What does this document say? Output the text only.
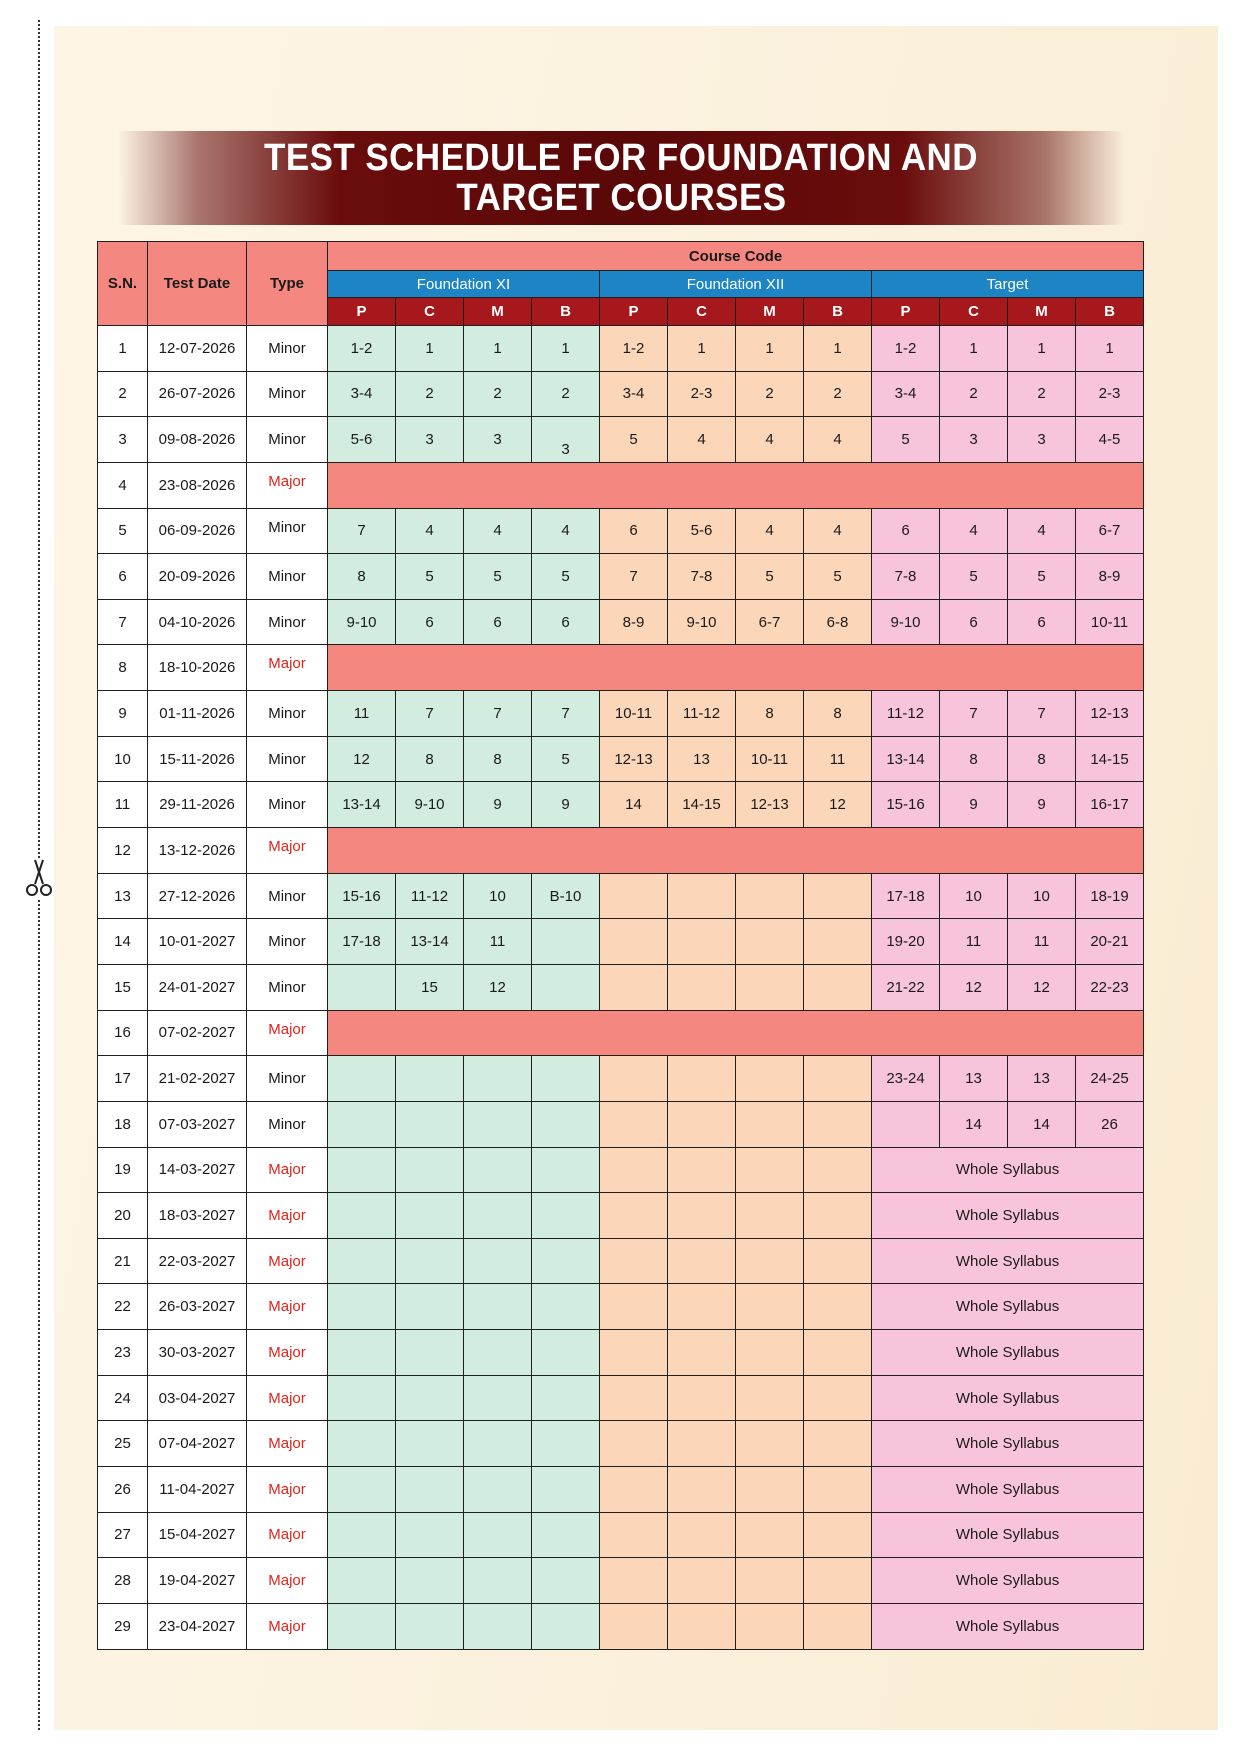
TEST SCHEDULE FOR FOUNDATION AND
TARGET COURSES
S.N.	Test Date	Type	Course Code											
			Foundation XI				Foundation XII				Target			
			P	C	M	B	P	C	M	B	P	C	M	B
1	12-07-2026	Minor	1-2	1	1	1	1-2	1	1	1	1-2	1	1	1
2	26-07-2026	Minor	3-4	2	2	2	3-4	2-3	2	2	3-4	2	2	2-3
3	09-08-2026	Minor	5-6	3	3	3	5	4	4	4	5	3	3	4-5
4	23-08-2026	Major												
5	06-09-2026	Minor	7	4	4	4	6	5-6	4	4	6	4	4	6-7
6	20-09-2026	Minor	8	5	5	5	7	7-8	5	5	7-8	5	5	8-9
7	04-10-2026	Minor	9-10	6	6	6	8-9	9-10	6-7	6-8	9-10	6	6	10-11
8	18-10-2026	Major												
9	01-11-2026	Minor	11	7	7	7	10-11	11-12	8	8	11-12	7	7	12-13
10	15-11-2026	Minor	12	8	8	5	12-13	13	10-11	11	13-14	8	8	14-15
11	29-11-2026	Minor	13-14	9-10	9	9	14	14-15	12-13	12	15-16	9	9	16-17
12	13-12-2026	Major												
13	27-12-2026	Minor	15-16	11-12	10	B-10					17-18	10	10	18-19
14	10-01-2027	Minor	17-18	13-14	11						19-20	11	11	20-21
15	24-01-2027	Minor		15	12						21-22	12	12	22-23
16	07-02-2027	Major												
17	21-02-2027	Minor									23-24	13	13	24-25
18	07-03-2027	Minor										14	14	26
19	14-03-2027	Major									Whole Syllabus			
20	18-03-2027	Major									Whole Syllabus			
21	22-03-2027	Major									Whole Syllabus			
22	26-03-2027	Major									Whole Syllabus			
23	30-03-2027	Major									Whole Syllabus			
24	03-04-2027	Major									Whole Syllabus			
25	07-04-2027	Major									Whole Syllabus			
26	11-04-2027	Major									Whole Syllabus			
27	15-04-2027	Major									Whole Syllabus			
28	19-04-2027	Major									Whole Syllabus			
29	23-04-2027	Major									Whole Syllabus			
